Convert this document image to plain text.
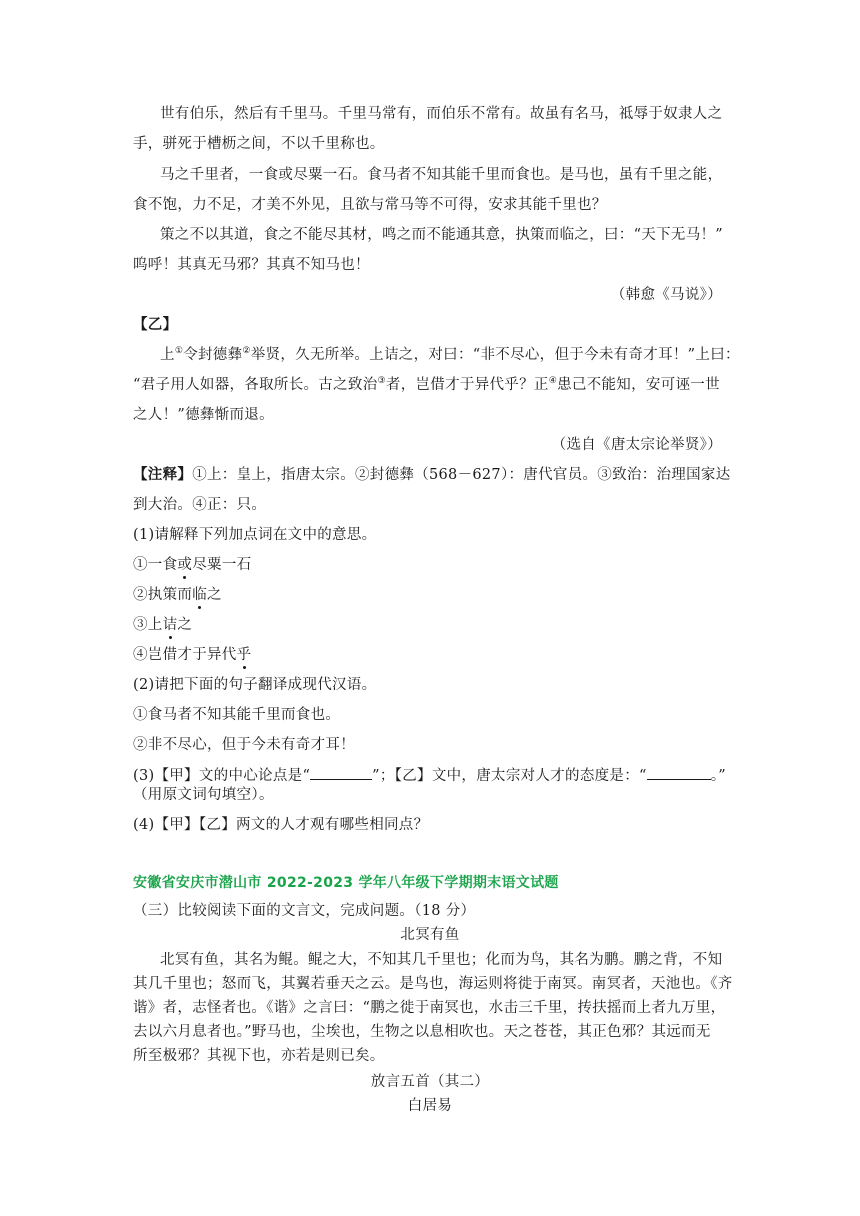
世有伯乐，然后有千里马。千里马常有，而伯乐不常有。故虽有名马，祗辱于奴隶人之
手，骈死于槽枥之间，不以千里称也。
马之千里者，一食或尽粟一石。食马者不知其能千里而食也。是马也，虽有千里之能，
食不饱，力不足，才美不外见，且欲与常马等不可得，安求其能千里也？
策之不以其道，食之不能尽其材，鸣之而不能通其意，执策而临之，曰：“天下无马！”
呜呼！其真无马邪？其真不知马也！
（韩愈《马说》）
【乙】
上①令封德彝②举贤，久无所举。上诘之，对曰：“非不尽心，但于今未有奇才耳！”上曰：
“君子用人如器，各取所长。古之致治③者，岂借才于异代乎？正④患己不能知，安可诬一世
之人！”德彝惭而退。
（选自《唐太宗论举贤》）
【注释】①上：皇上，指唐太宗。②封德彝（568－627）：唐代官员。③致治：治理国家达
到大治。④正：只。
(1)请解释下列加点词在文中的意思。
①一食或尽粟一石
②执策而临之
③上诘之
④岂借才于异代乎
(2)请把下面的句子翻译成现代汉语。
①食马者不知其能千里而食也。
②非不尽心，但于今未有奇才耳！
(3)【甲】文的中心论点是“	”；【乙】文中，唐太宗对人才的态度是：“	。”
（用原文词句填空）。
(4)【甲】【乙】两文的人才观有哪些相同点？
安徽省安庆市潜山市 2022-2023 学年八年级下学期期末语文试题
（三）比较阅读下面的文言文，完成问题。（18 分）
北冥有鱼
北冥有鱼，其名为鲲。鲲之大，不知其几千里也；化而为鸟，其名为鹏。鹏之背，不知
其几千里也；怒而飞，其翼若垂天之云。是鸟也，海运则将徙于南冥。南冥者，天池也。《齐
谐》者，志怪者也。《谐》之言曰：“鹏之徙于南冥也，水击三千里，抟扶摇而上者九万里，
去以六月息者也。”野马也，尘埃也，生物之以息相吹也。天之苍苍，其正色邪？其远而无
所至极邪？其视下也，亦若是则已矣。
放言五首（其二）
白居易
